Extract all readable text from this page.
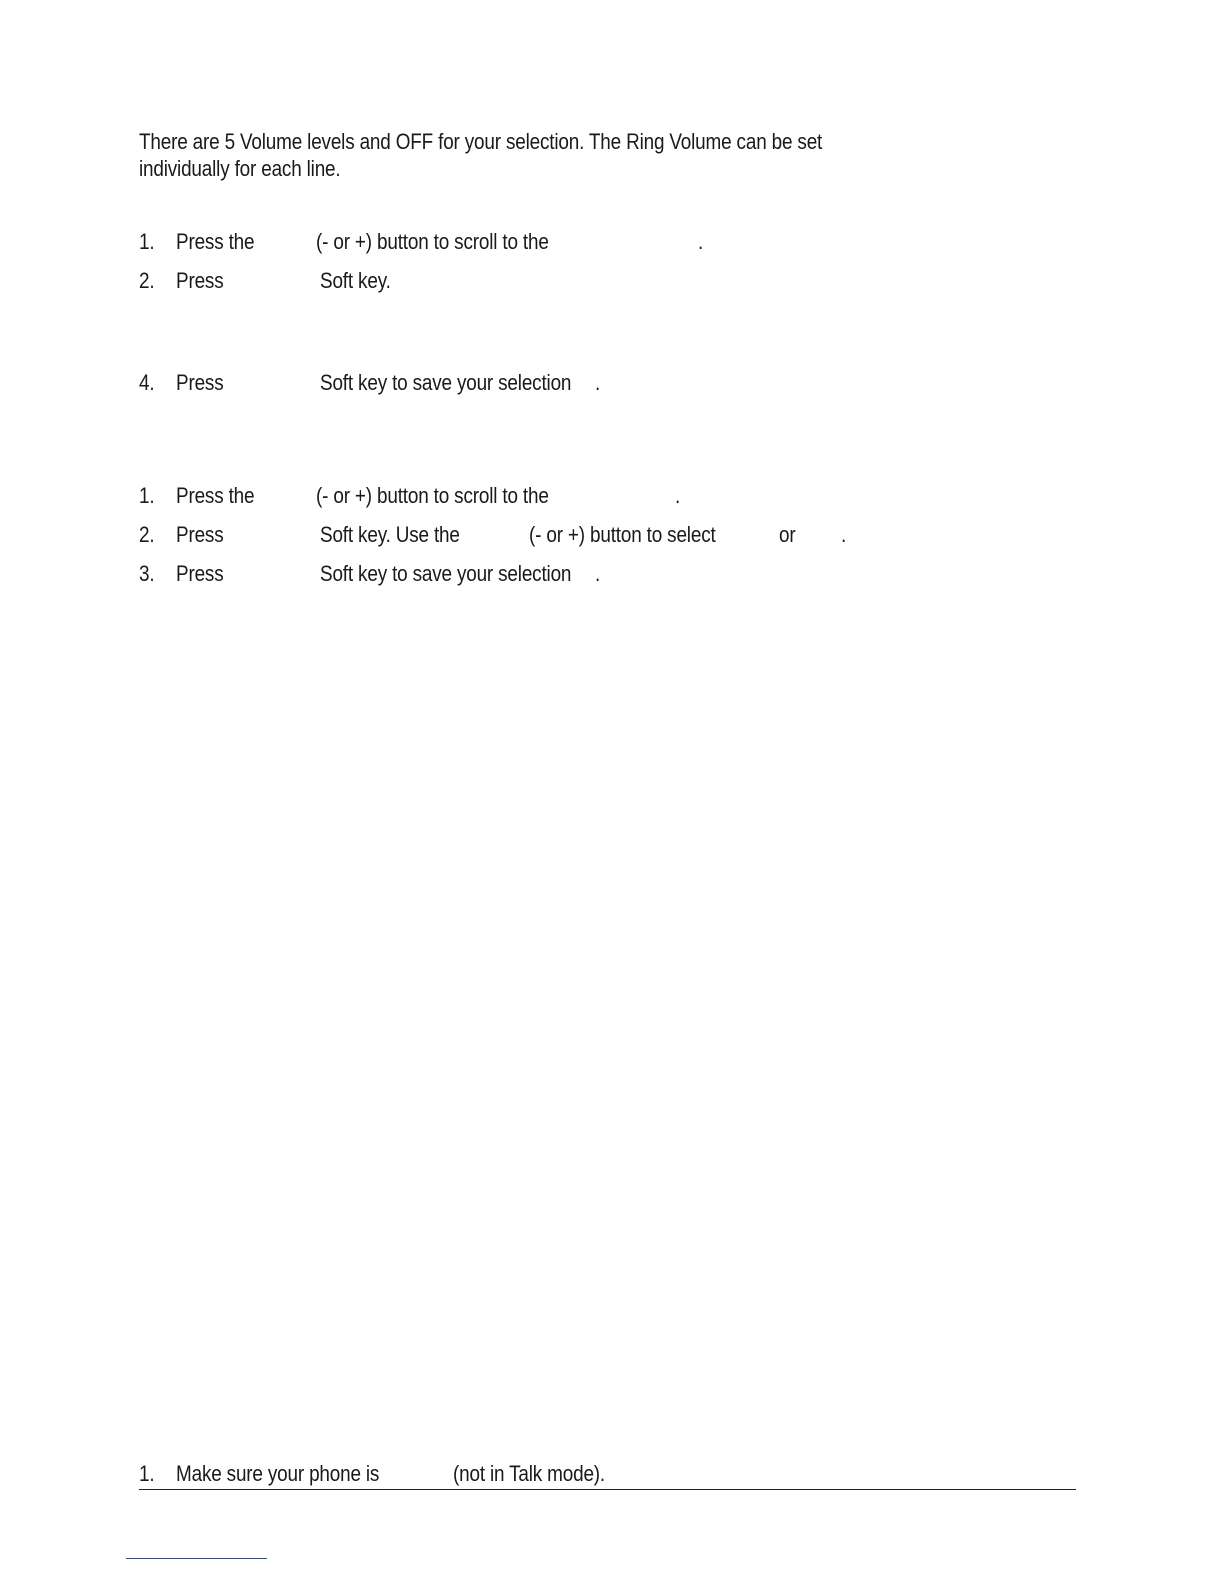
There are 5 Volume levels and OFF for your selection. The Ring Volume can be set
individually for each line.
1. Press the	(- or +) button to scroll to the	.
2. Press	Soft key.
4. Press	Soft key to save your selection .
1. Press the	(- or +) button to scroll to the	.
2. Press	Soft key. Use the	(- or +) button to select	or .
3. Press	Soft key to save your selection .
1. Make sure your phone is	(not in Talk mode).
